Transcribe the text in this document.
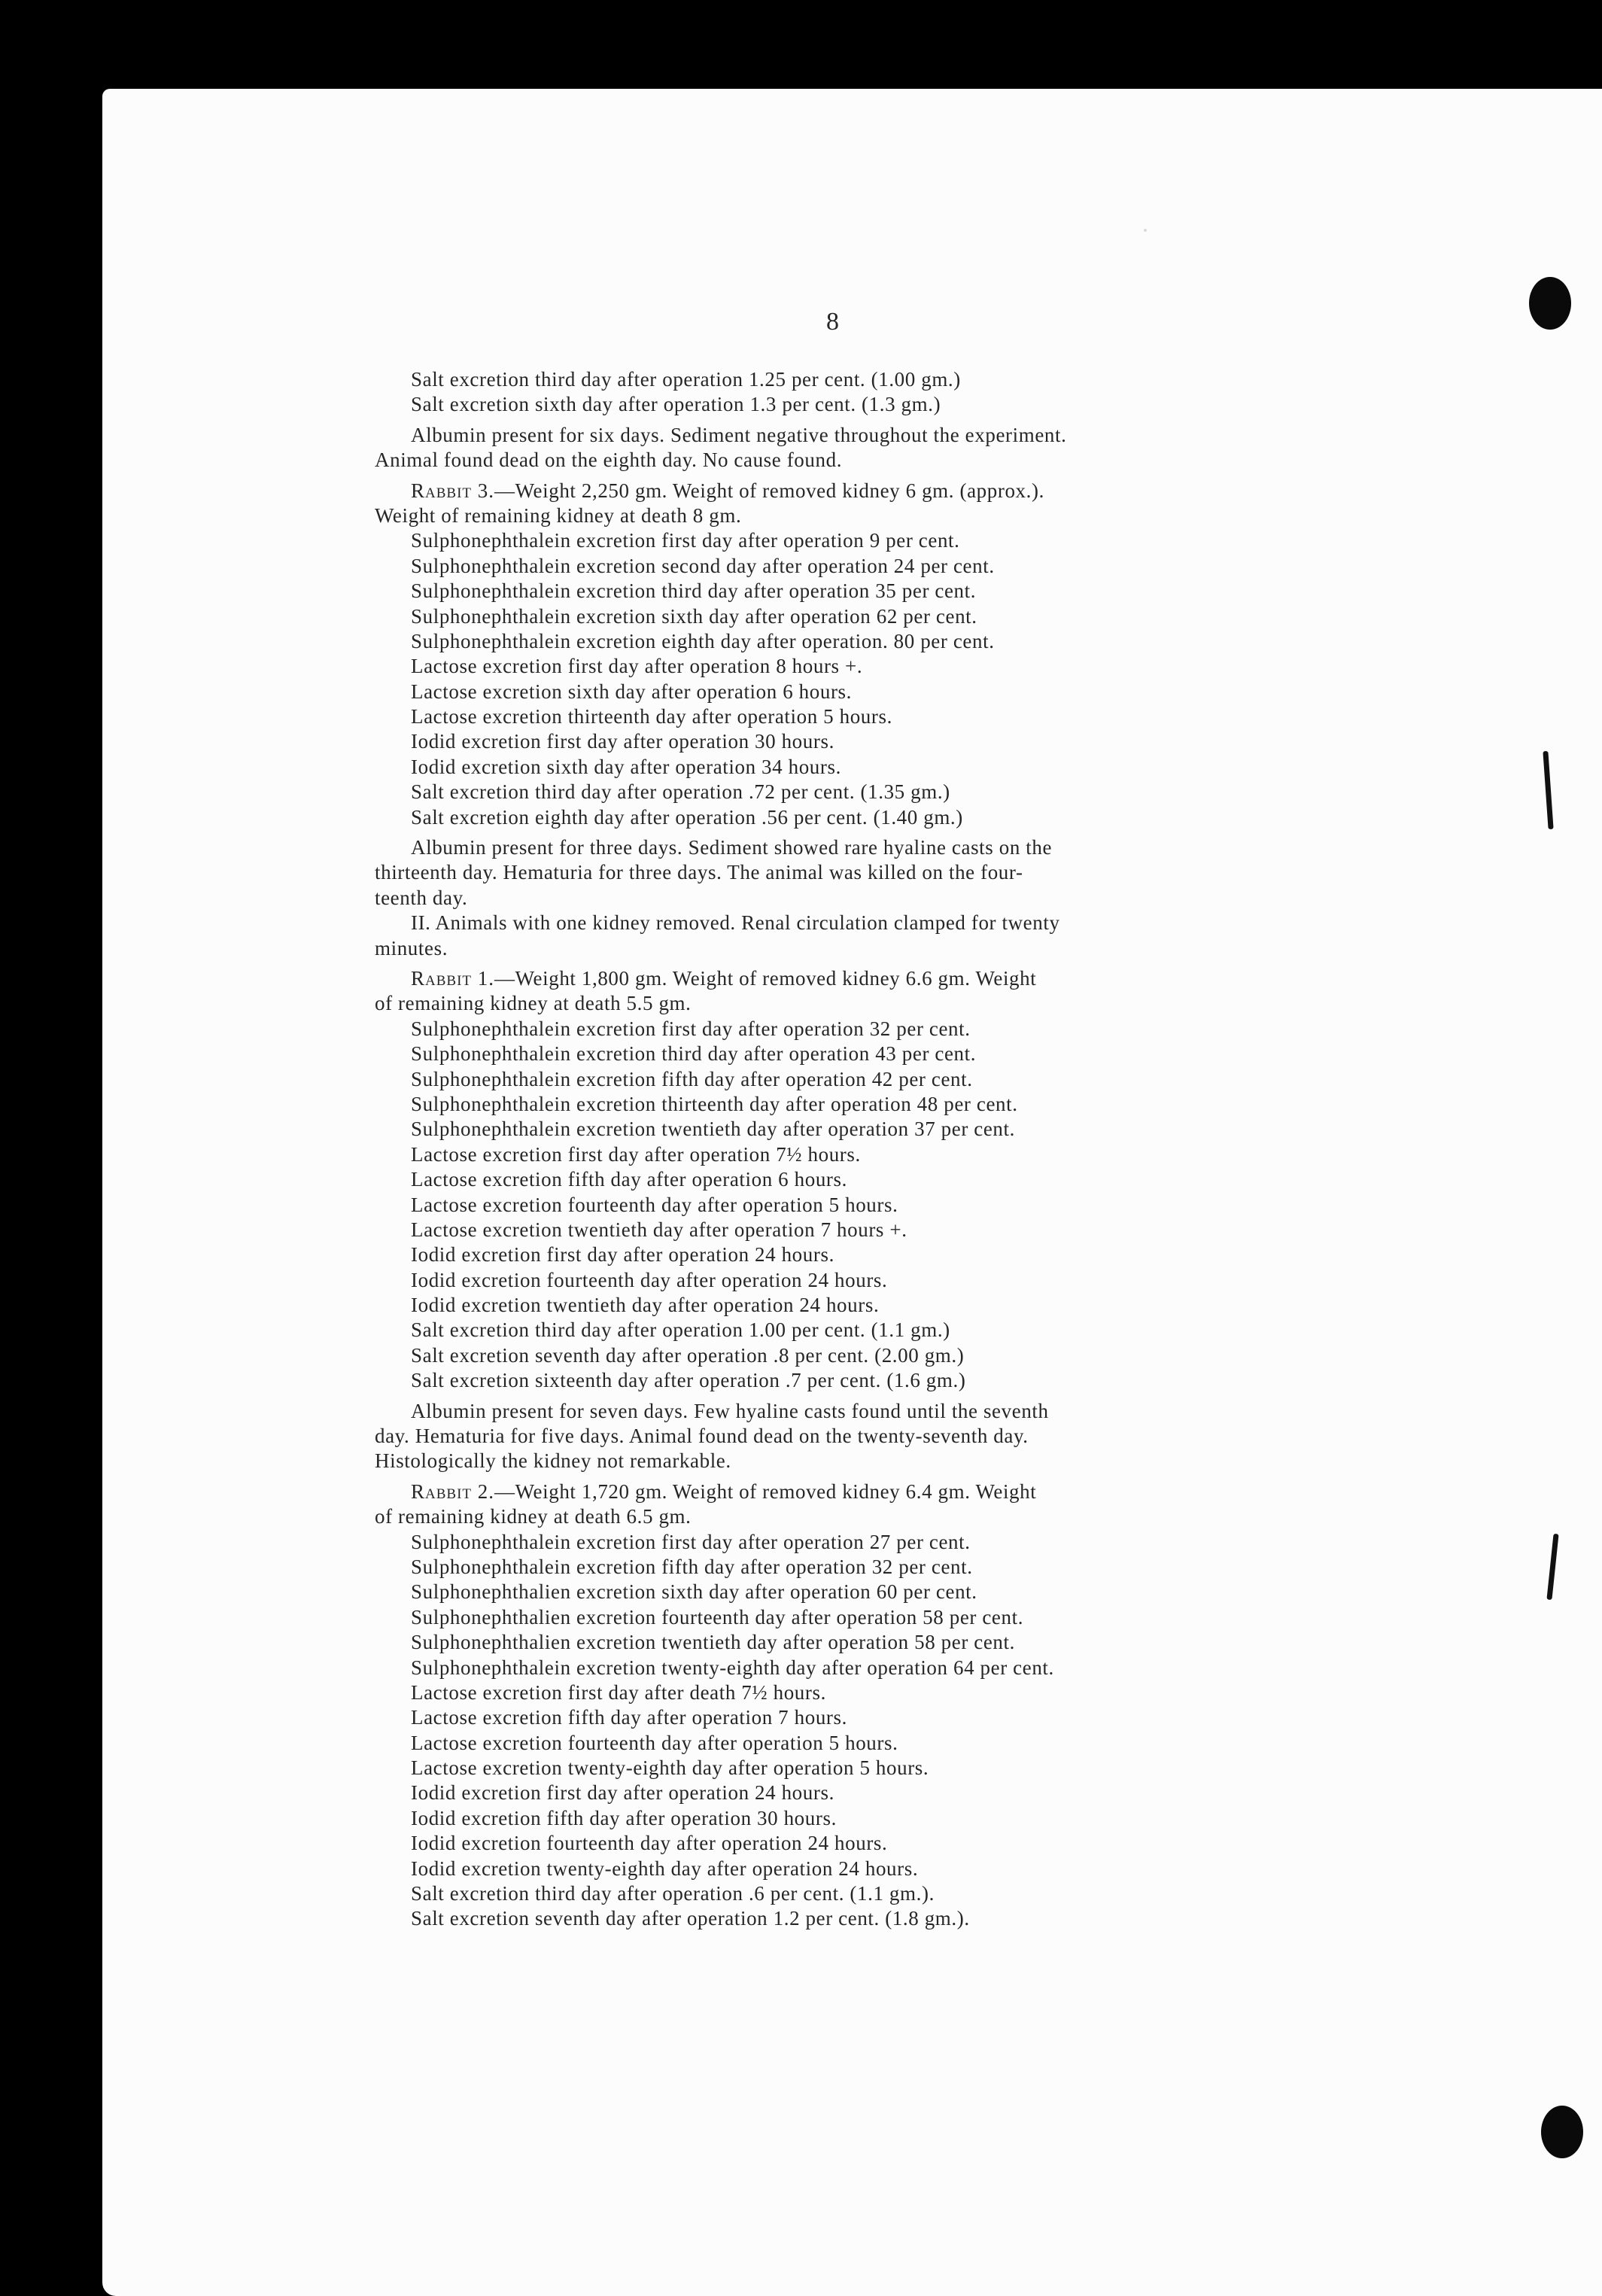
8
Salt excretion third day after operation 1.25 per cent. (1.00 gm.)
Salt excretion sixth day after operation 1.3 per cent. (1.3 gm.)
Albumin present for six days. Sediment negative throughout the experiment.
Animal found dead on the eighth day. No cause found.
Rabbit 3.—Weight 2,250 gm. Weight of removed kidney 6 gm. (approx.).
Weight of remaining kidney at death 8 gm.
Sulphonephthalein excretion first day after operation 9 per cent.
Sulphonephthalein excretion second day after operation 24 per cent.
Sulphonephthalein excretion third day after operation 35 per cent.
Sulphonephthalein excretion sixth day after operation 62 per cent.
Sulphonephthalein excretion eighth day after operation. 80 per cent.
Lactose excretion first day after operation 8 hours +.
Lactose excretion sixth day after operation 6 hours.
Lactose excretion thirteenth day after operation 5 hours.
Iodid excretion first day after operation 30 hours.
Iodid excretion sixth day after operation 34 hours.
Salt excretion third day after operation .72 per cent. (1.35 gm.)
Salt excretion eighth day after operation .56 per cent. (1.40 gm.)
Albumin present for three days. Sediment showed rare hyaline casts on the
thirteenth day. Hematuria for three days. The animal was killed on the four-
teenth day.
II. Animals with one kidney removed. Renal circulation clamped for twenty
minutes.
Rabbit 1.—Weight 1,800 gm. Weight of removed kidney 6.6 gm. Weight
of remaining kidney at death 5.5 gm.
Sulphonephthalein excretion first day after operation 32 per cent.
Sulphonephthalein excretion third day after operation 43 per cent.
Sulphonephthalein excretion fifth day after operation 42 per cent.
Sulphonephthalein excretion thirteenth day after operation 48 per cent.
Sulphonephthalein excretion twentieth day after operation 37 per cent.
Lactose excretion first day after operation 7½ hours.
Lactose excretion fifth day after operation 6 hours.
Lactose excretion fourteenth day after operation 5 hours.
Lactose excretion twentieth day after operation 7 hours +.
Iodid excretion first day after operation 24 hours.
Iodid excretion fourteenth day after operation 24 hours.
Iodid excretion twentieth day after operation 24 hours.
Salt excretion third day after operation 1.00 per cent. (1.1 gm.)
Salt excretion seventh day after operation .8 per cent. (2.00 gm.)
Salt excretion sixteenth day after operation .7 per cent. (1.6 gm.)
Albumin present for seven days. Few hyaline casts found until the seventh
day. Hematuria for five days. Animal found dead on the twenty-seventh day.
Histologically the kidney not remarkable.
Rabbit 2.—Weight 1,720 gm. Weight of removed kidney 6.4 gm. Weight
of remaining kidney at death 6.5 gm.
Sulphonephthalein excretion first day after operation 27 per cent.
Sulphonephthalein excretion fifth day after operation 32 per cent.
Sulphonephthalien excretion sixth day after operation 60 per cent.
Sulphonephthalien excretion fourteenth day after operation 58 per cent.
Sulphonephthalien excretion twentieth day after operation 58 per cent.
Sulphonephthalein excretion twenty-eighth day after operation 64 per cent.
Lactose excretion first day after death 7½ hours.
Lactose excretion fifth day after operation 7 hours.
Lactose excretion fourteenth day after operation 5 hours.
Lactose excretion twenty-eighth day after operation 5 hours.
Iodid excretion first day after operation 24 hours.
Iodid excretion fifth day after operation 30 hours.
Iodid excretion fourteenth day after operation 24 hours.
Iodid excretion twenty-eighth day after operation 24 hours.
Salt excretion third day after operation .6 per cent. (1.1 gm.).
Salt excretion seventh day after operation 1.2 per cent. (1.8 gm.).
